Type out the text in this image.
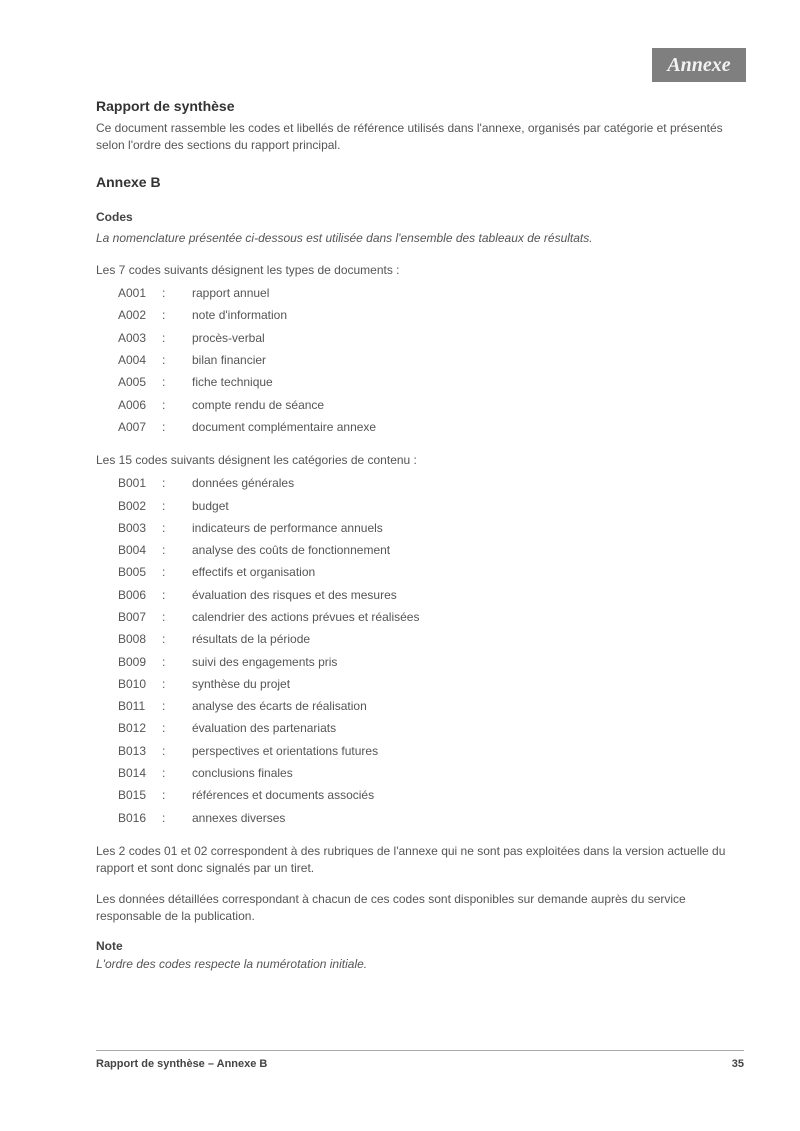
Annexe
Rapport de synthèse
Ce document rassemble les codes et libellés de référence utilisés dans l'annexe, organisés par catégorie et présentés selon l'ordre des sections du rapport principal.
Annexe B
Codes
La nomenclature présentée ci-dessous est utilisée dans l'ensemble des tableaux de résultats.
Les 7 codes suivants désignent les types de documents :
A001	:	rapport annuel
A002	:	note d'information
A003	:	procès-verbal
A004	:	bilan financier
A005	:	fiche technique
A006	:	compte rendu de séance
A007	:	document complémentaire annexe
Les 15 codes suivants désignent les catégories de contenu :
B001	:	données générales
B002	:	budget
B003	:	indicateurs de performance annuels
B004	:	analyse des coûts de fonctionnement
B005	:	effectifs et organisation
B006	:	évaluation des risques et des mesures
B007	:	calendrier des actions prévues et réalisées
B008	:	résultats de la période
B009	:	suivi des engagements pris
B010	:	synthèse du projet
B011	:	analyse des écarts de réalisation
B012	:	évaluation des partenariats
B013	:	perspectives et orientations futures
B014	:	conclusions finales
B015	:	références et documents associés
B016	:	annexes diverses
Les 2 codes 01 et 02 correspondent à des rubriques de l'annexe qui ne sont pas exploitées dans la version actuelle du rapport et sont donc signalés par un tiret.
Les données détaillées correspondant à chacun de ces codes sont disponibles sur demande auprès du service responsable de la publication.
Note
L'ordre des codes respecte la numérotation initiale.
Rapport de synthèse – Annexe B	35
